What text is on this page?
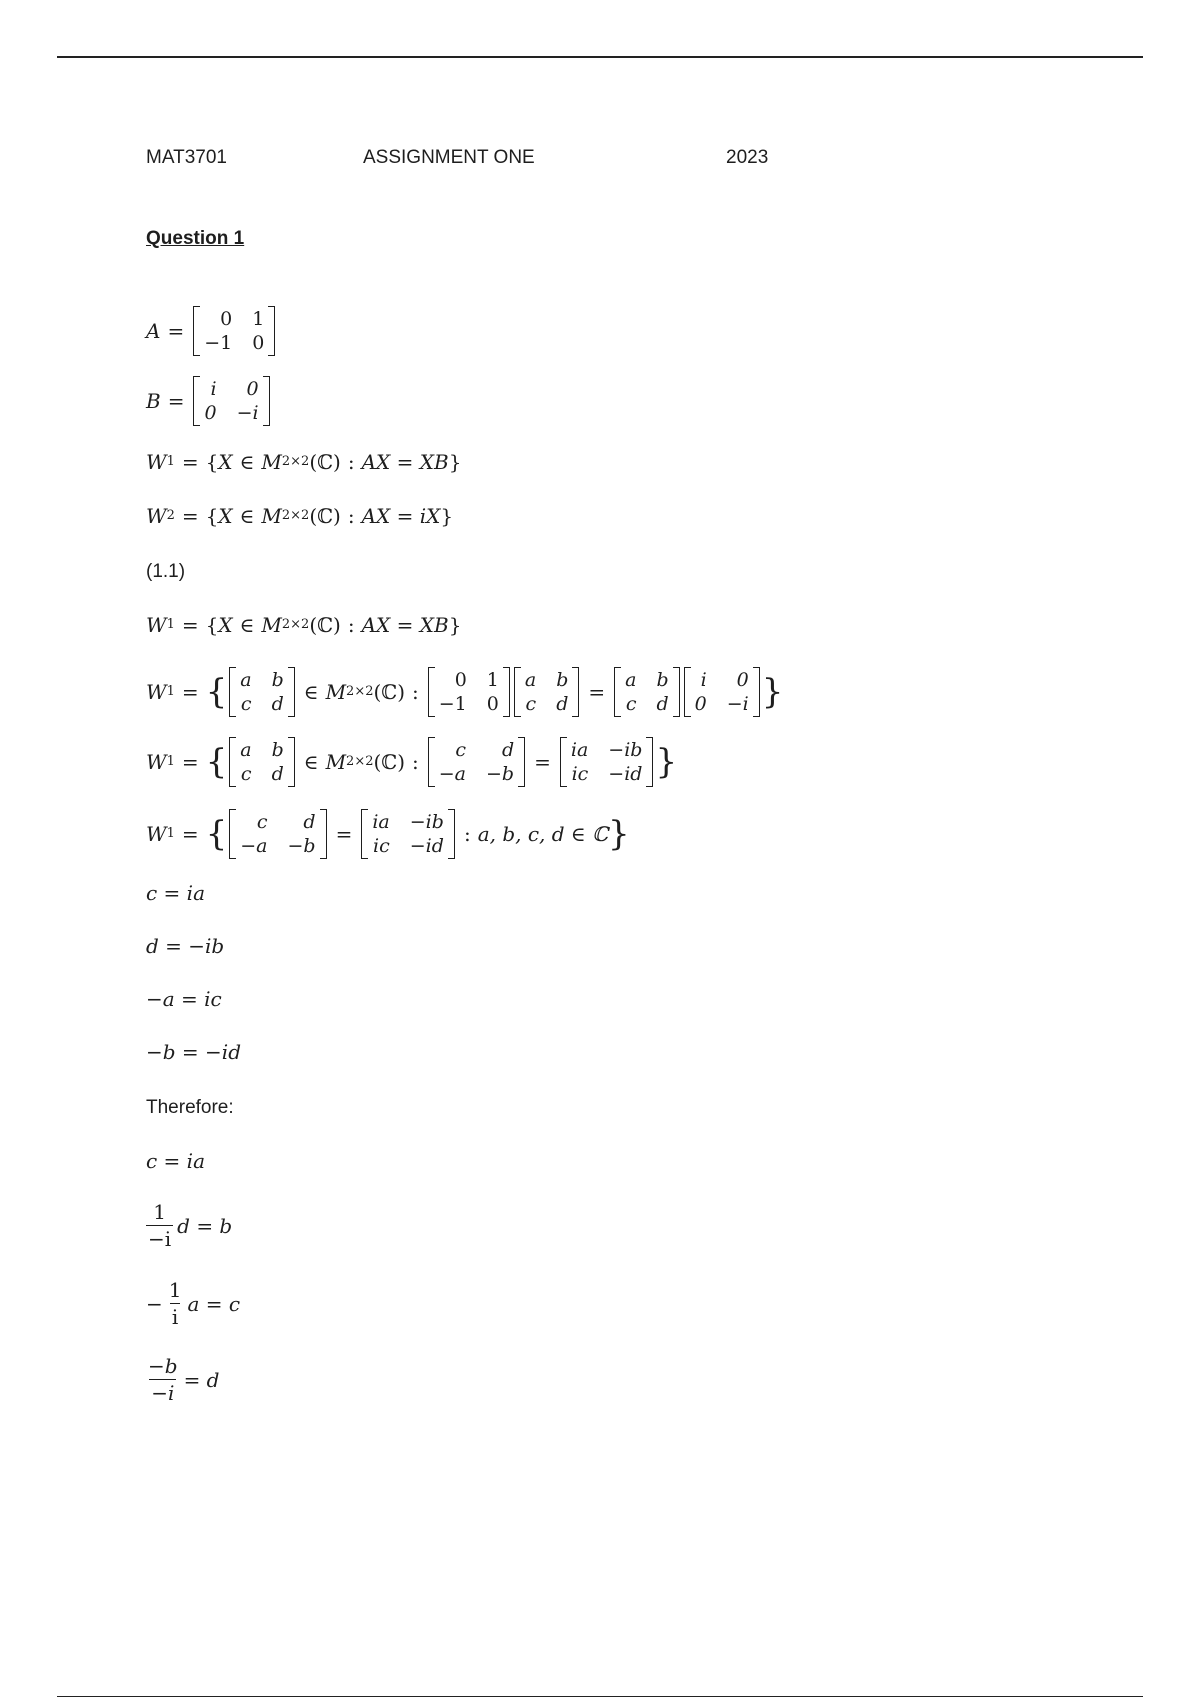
MAT3701	ASSIGNMENT ONE	2023
Question 1
A =	0 1
−1 0
B =	i	0
0 −i
W 1 = { X ∈ M 2×2 (ℂ) : AX = XB }
W 2 = { X ∈ M 2×2 (ℂ) : AX = iX }
(1.1)
W 1 = { X ∈ M 2×2 (ℂ) : AX = XB }
W 1 = { a b
c d ∈ M 2×2 (ℂ) :	0 1
−1 0
a b
c d = a b
c d
i	0
0 −i }
W 1 = { a b
c d ∈ M 2×2 (ℂ) :	c	d
−a −b = ia −ib
ic −id }
W 1 = {	c	d
−a −b = ia −ib
ic −id : a, b, c, d ∈ ℂ }
c = ia
d = −ib
−a = ic
−b = −id
Therefore:
c = ia
$\frac{1}{-i}$ d = b
− $\frac{1}{i}$ a = c
$\frac{-b}{-i} = d$
